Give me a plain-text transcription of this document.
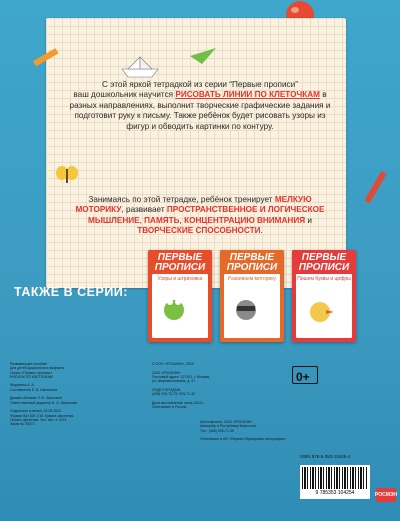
С этой яркой тетрадкой из серии “Первые прописи”
ваш дошкольник научится РИСОВАТЬ ЛИНИИ ПО КЛЕТОЧКАМ в разных направлениях, выполнит творческие графические задания и подготовит руку к письму. Также ребёнок будет рисовать узоры из фигур и обводить картинки по контуру.
Занимаясь по этой тетрадке, ребёнок тренирует МЕЛКУЮ МОТОРИКУ, развивает ПРОСТРАНСТВЕННОЕ И ЛОГИЧЕСКОЕ МЫШЛЕНИЕ, ПАМЯТЬ, КОНЦЕНТРАЦИЮ ВНИМАНИЯ и ТВОРЧЕСКИЕ СПОСОБНОСТИ.
ТАКЖЕ В СЕРИИ:
ПЕРВЫЕ ПРОПИСИ
Узоры и штриховка
ПЕРВЫЕ ПРОПИСИ
Развиваем моторику
ПЕРВЫЕ ПРОПИСИ
Пишем буквы и цифры
Развивающее пособие
Для детей дошкольного возраста
Серия «Первые прописи»
РИСУЕМ ПО КЛЕТОЧКАМ

Журухина А. А.
Составитель Е. В. Шепелева

Дизайн обложки Л. В. Черновой
Ответственный редактор Н. И. Шаталова

Подписано в печать 15.05.2023.
Формат 84×108 1/16. Бумага офсетная.
Печать офсетная. Усл. печ. л. 5,04.
Заказ № 03072.
© ООО «РОСМЭН», 2023

ООО «РОСМЭН»
Почтовый адрес: 127521, г. Москва,
ул. Шереметьевская, д. 47

ОТДЕЛ ПРОДАЖ:
(495) 933-70-73; 933-71-30

Дата изготовления: июнь 2023 г.
Отпечатано в России
Изготовитель: ООО «РОСМЭН»
Импортёр в Республику Казахстан
Тел.: (495) 933-71-30

Отпечатано в АО «Первая Образцовая типография»
0+
ISBN 978-5-353-10425-4
9 785353 104254	РОСМЭН
